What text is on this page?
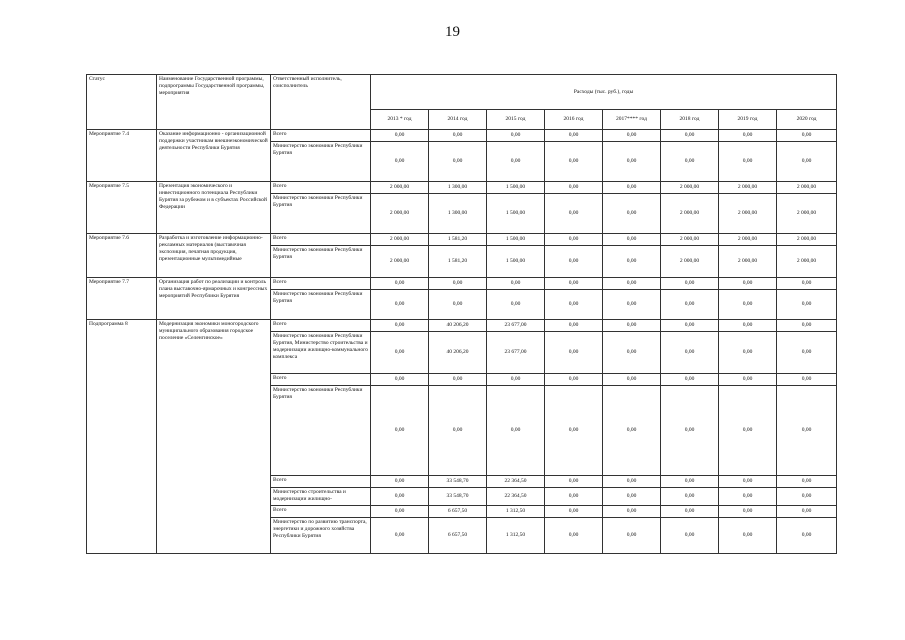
19
Статус	Наименование Государственной программы, подпрограммы Государственной программы, мероприятия	Ответственный исполнитель, соисполнитель	Расходы (тыс. руб.), годы							
			2013 * год	2014 год	2015 год	2016 год	2017**** год	2018 год	2019 год	2020 год
Мероприятие 7.4	Оказание информационно - организационной поддержки участникам внешнеэкономической деятельности Республики Бурятия	Всего	0,00	0,00	0,00	0,00	0,00	0,00	0,00	0,00
		Министерство экономики Республики Бурятия	0,00	0,00	0,00	0,00	0,00	0,00	0,00	0,00
Мероприятие 7.5	Презентация экономического и инвестиционного потенциала Республики Бурятия за рубежом и в субъектах Российской Федерации	Всего	2 000,00	1 300,00	1 500,00	0,00	0,00	2 000,00	2 000,00	2 000,00
		Министерство экономики Республики Бурятия	2 000,00	1 300,00	1 500,00	0,00	0,00	2 000,00	2 000,00	2 000,00
Мероприятие 7.6	Разработка и изготовление информационно-рекламных материалов (выставочная экспозиция, печатная продукция, презентационные мультимедийные	Всего	2 000,00	1 581,20	1 500,00	0,00	0,00	2 000,00	2 000,00	2 000,00
		Министерство экономики Республики Бурятия	2 000,00	1 581,20	1 500,00	0,00	0,00	2 000,00	2 000,00	2 000,00
Мероприятие 7.7	Организация работ по реализации и контроль плана выставочно-ярмарочных и конгрессных мероприятий Республики Бурятия	Всего	0,00	0,00	0,00	0,00	0,00	0,00	0,00	0,00
		Министерство экономики Республики Бурятия	0,00	0,00	0,00	0,00	0,00	0,00	0,00	0,00
Подпрограмма 8	Модернизация экономики моногородского муниципального образования городское поселение «Селенгинское»	Всего	0,00	40 206,20	23 677,00	0,00	0,00	0,00	0,00	0,00
		Министерство экономики Республики Бурятия, Министерство строительства и модернизации жилищно-коммунального комплекса	0,00	40 206,20	23 677,00	0,00	0,00	0,00	0,00	0,00
		Всего	0,00	0,00	0,00	0,00	0,00	0,00	0,00	0,00
		Министерство экономики Республики Бурятия	0,00	0,00	0,00	0,00	0,00	0,00	0,00	0,00
		Всего	0,00	33 548,70	22 364,50	0,00	0,00	0,00	0,00	0,00
		Министерство строительства и модернизации жилищно-	0,00	33 548,70	22 364,50	0,00	0,00	0,00	0,00	0,00
		Всего	0,00	6 657,50	1 312,50	0,00	0,00	0,00	0,00	0,00
		Министерство по развитию транспорта, энергетики и дорожного хозяйства Республики Бурятия	0,00	6 657,50	1 312,50	0,00	0,00	0,00	0,00	0,00
